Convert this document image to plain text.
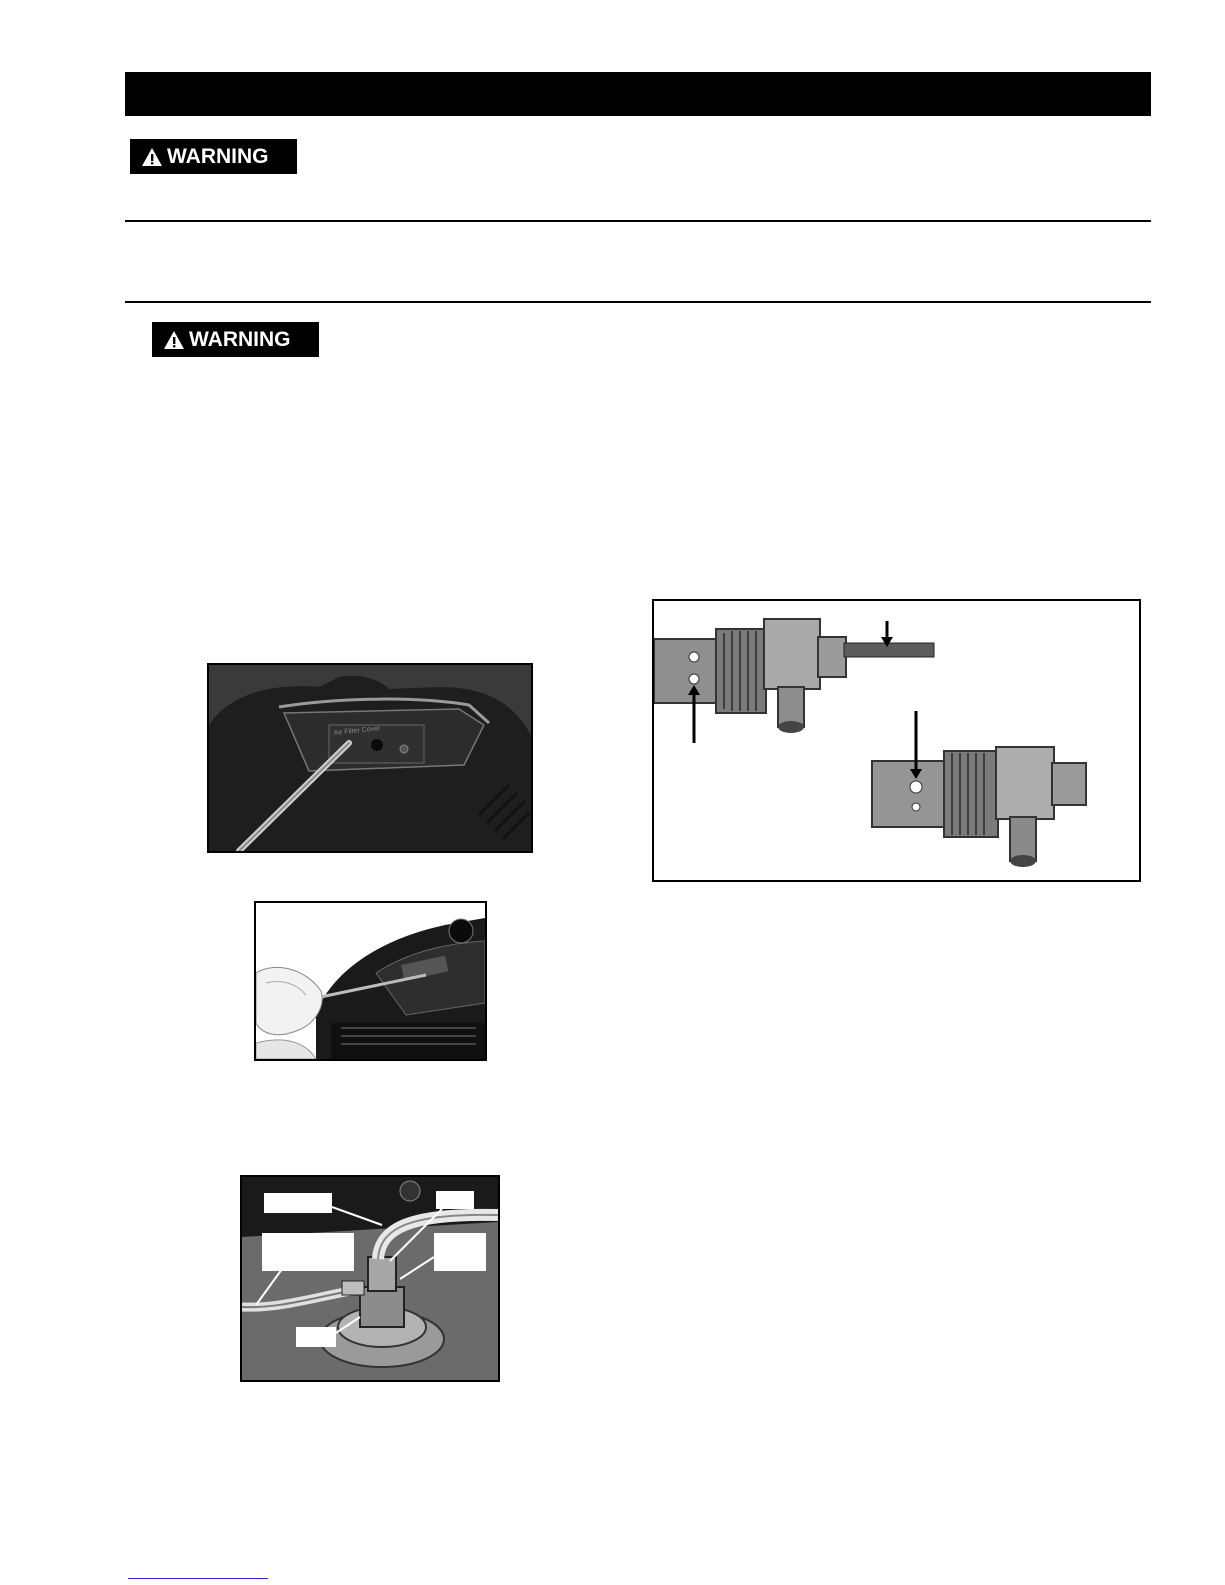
WARNING
WARNING
Air Filter Cover
